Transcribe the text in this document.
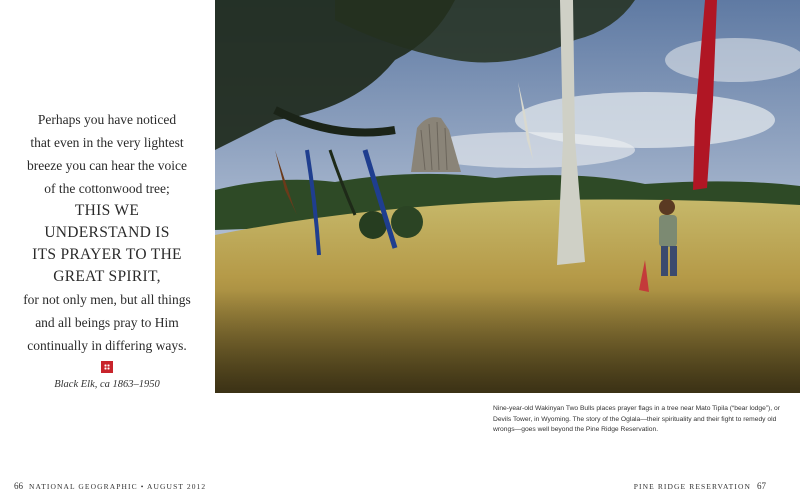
Perhaps you have noticed
that even in the very lightest
breeze you can hear the voice
of the cottonwood tree;
THIS WE
UNDERSTAND IS
ITS PRAYER TO THE
GREAT SPIRIT,
for not only men, but all things
and all beings pray to Him
continually in differing ways.
Black Elk, ca 1863–1950
Nine-year-old Wakinyan Two Bulls places prayer flags in a tree near Mato Tipila (“bear lodge”), or Devils Tower, in Wyoming. The story of the Oglala—their spirituality and their fight to remedy old wrongs—goes well beyond the Pine Ridge Reservation.
66 NATIONAL GEOGRAPHIC • AUGUST 2012	PINE RIDGE RESERVATION 67
